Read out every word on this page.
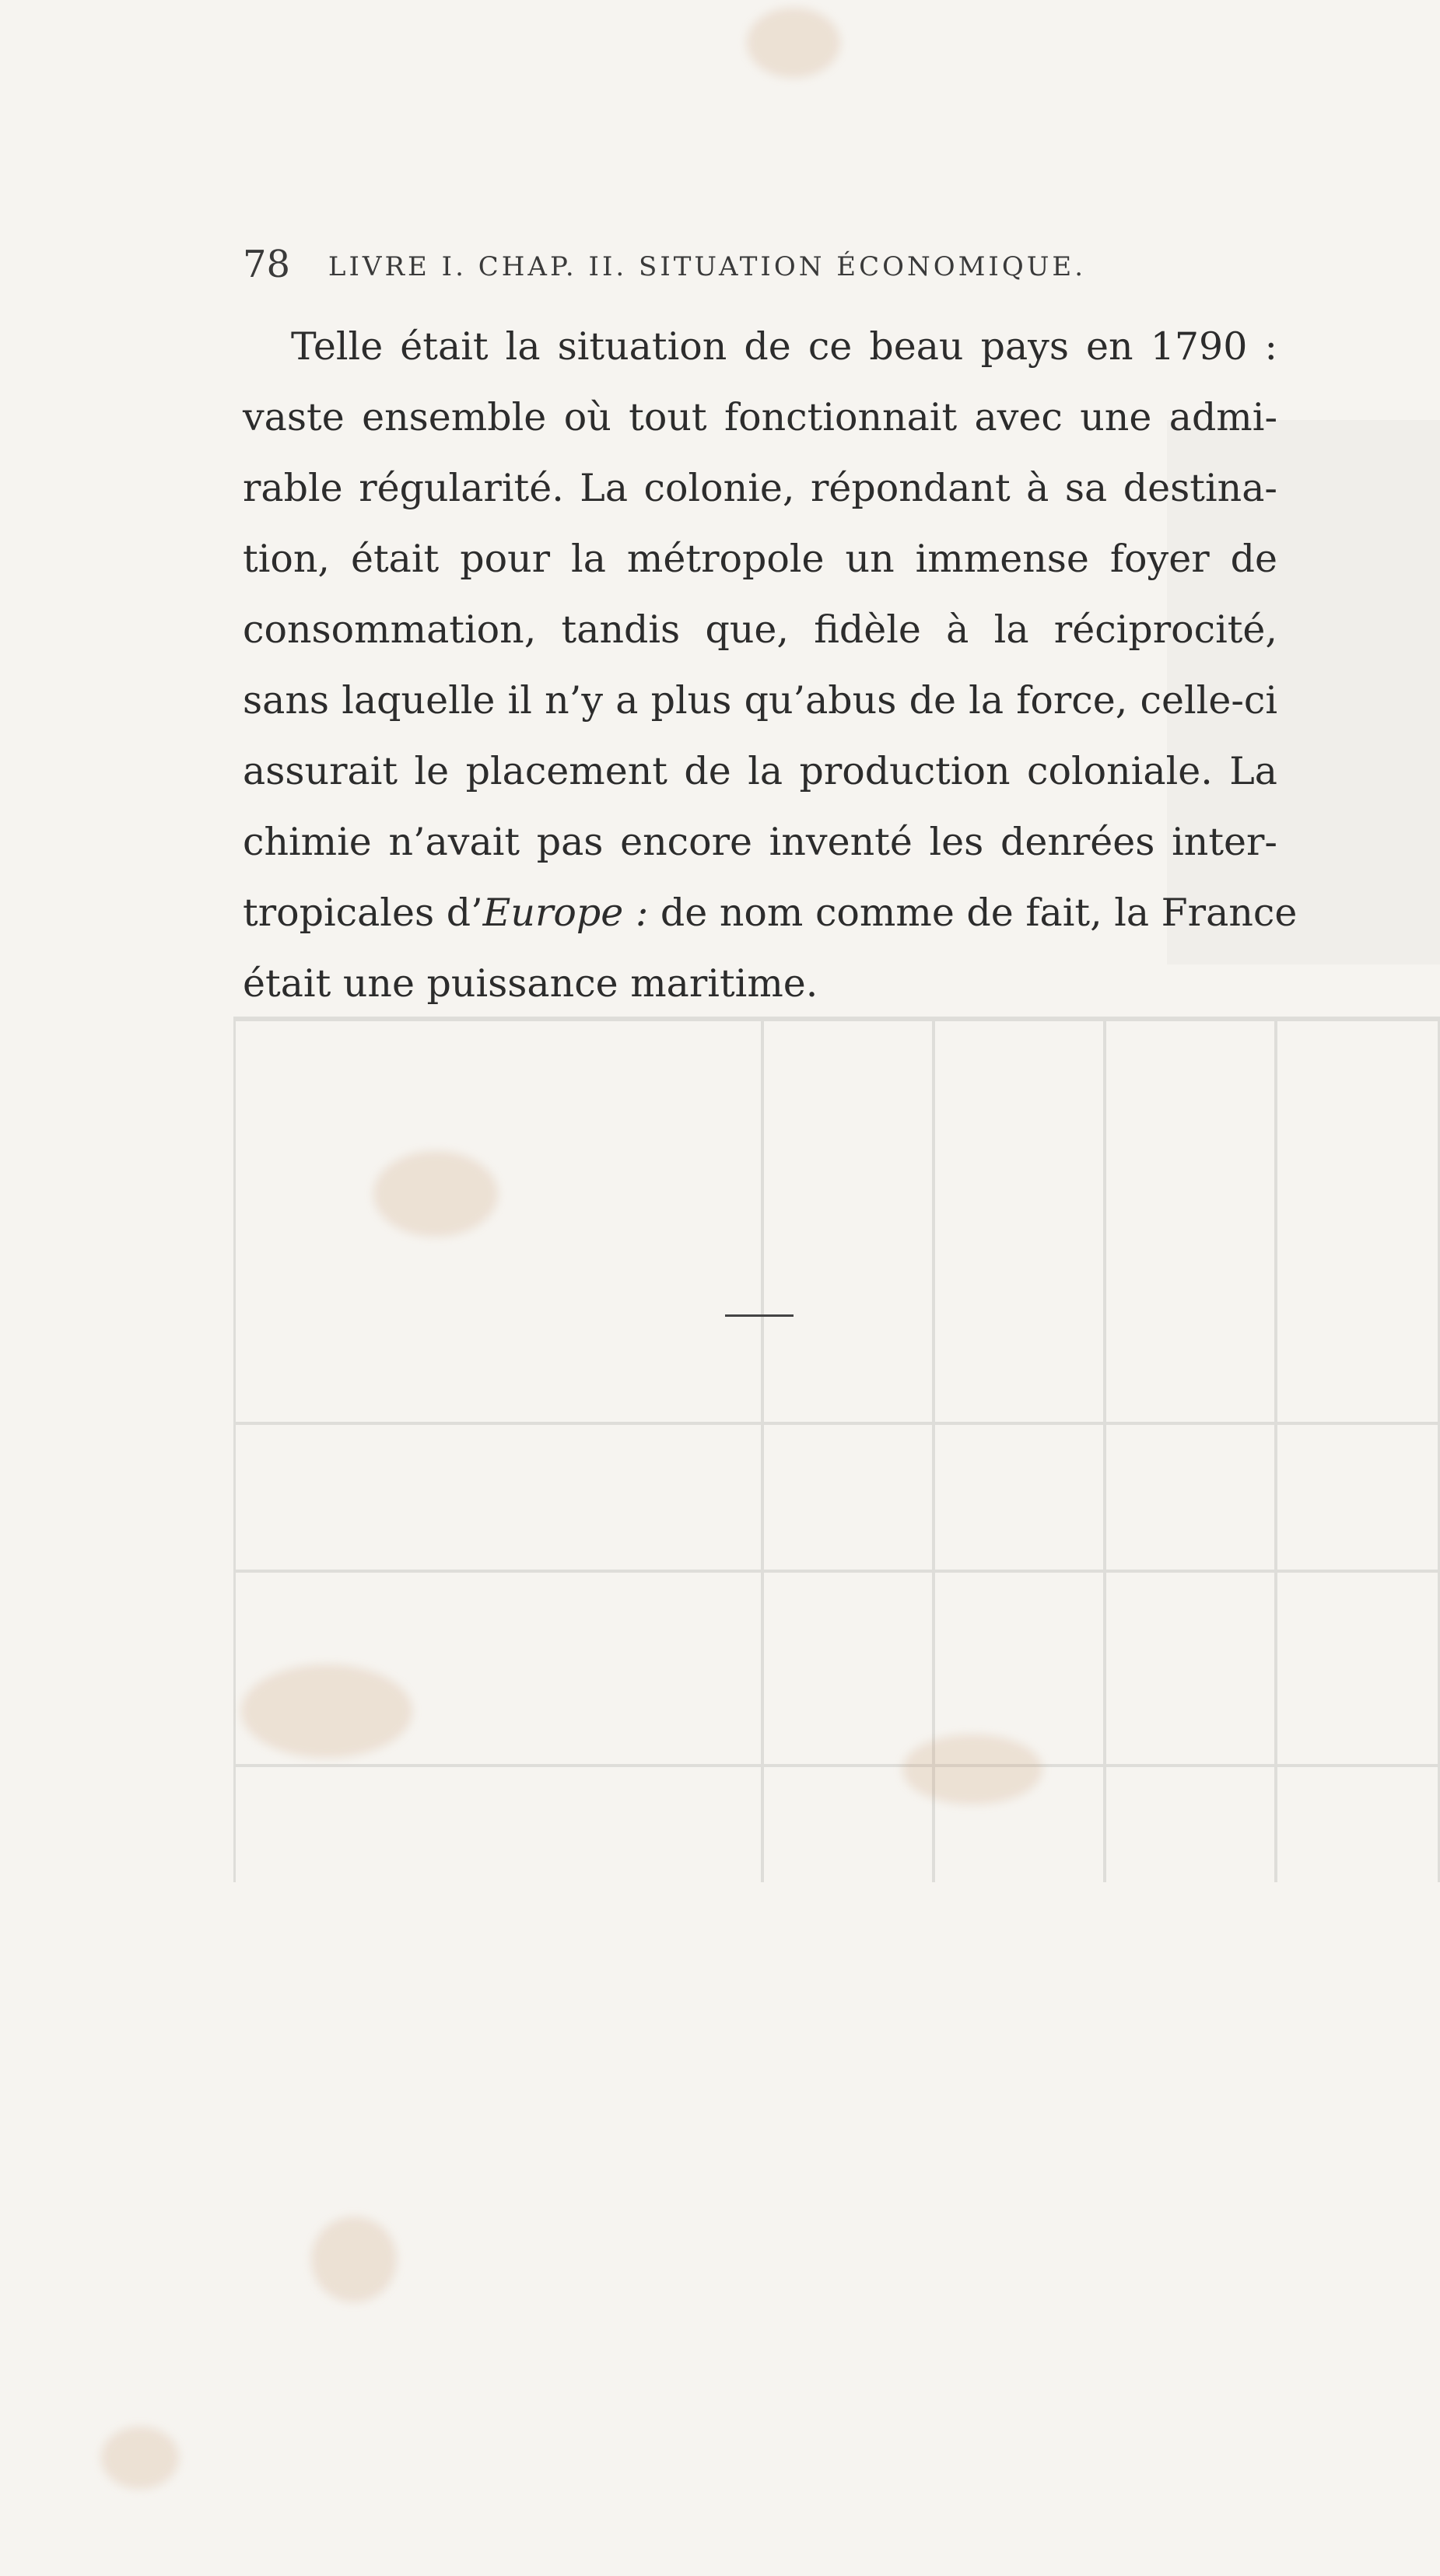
78 LIVRE I. CHAP. II. SITUATION ÉCONOMIQUE.

Telle était la situation de ce beau pays en 1790 :
vaste ensemble où tout fonctionnait avec une admi-
rable régularité. La colonie, répondant à sa destina-
tion, était pour la métropole un immense foyer de
consommation, tandis que, fidèle à la réciprocité,
sans laquelle il n’y a plus qu’abus de la force, celle-ci
assurait le placement de la production coloniale. La
chimie n’avait pas encore inventé les denrées inter-
tropicales d’Europe : de nom comme de fait, la France
était une puissance maritime.
